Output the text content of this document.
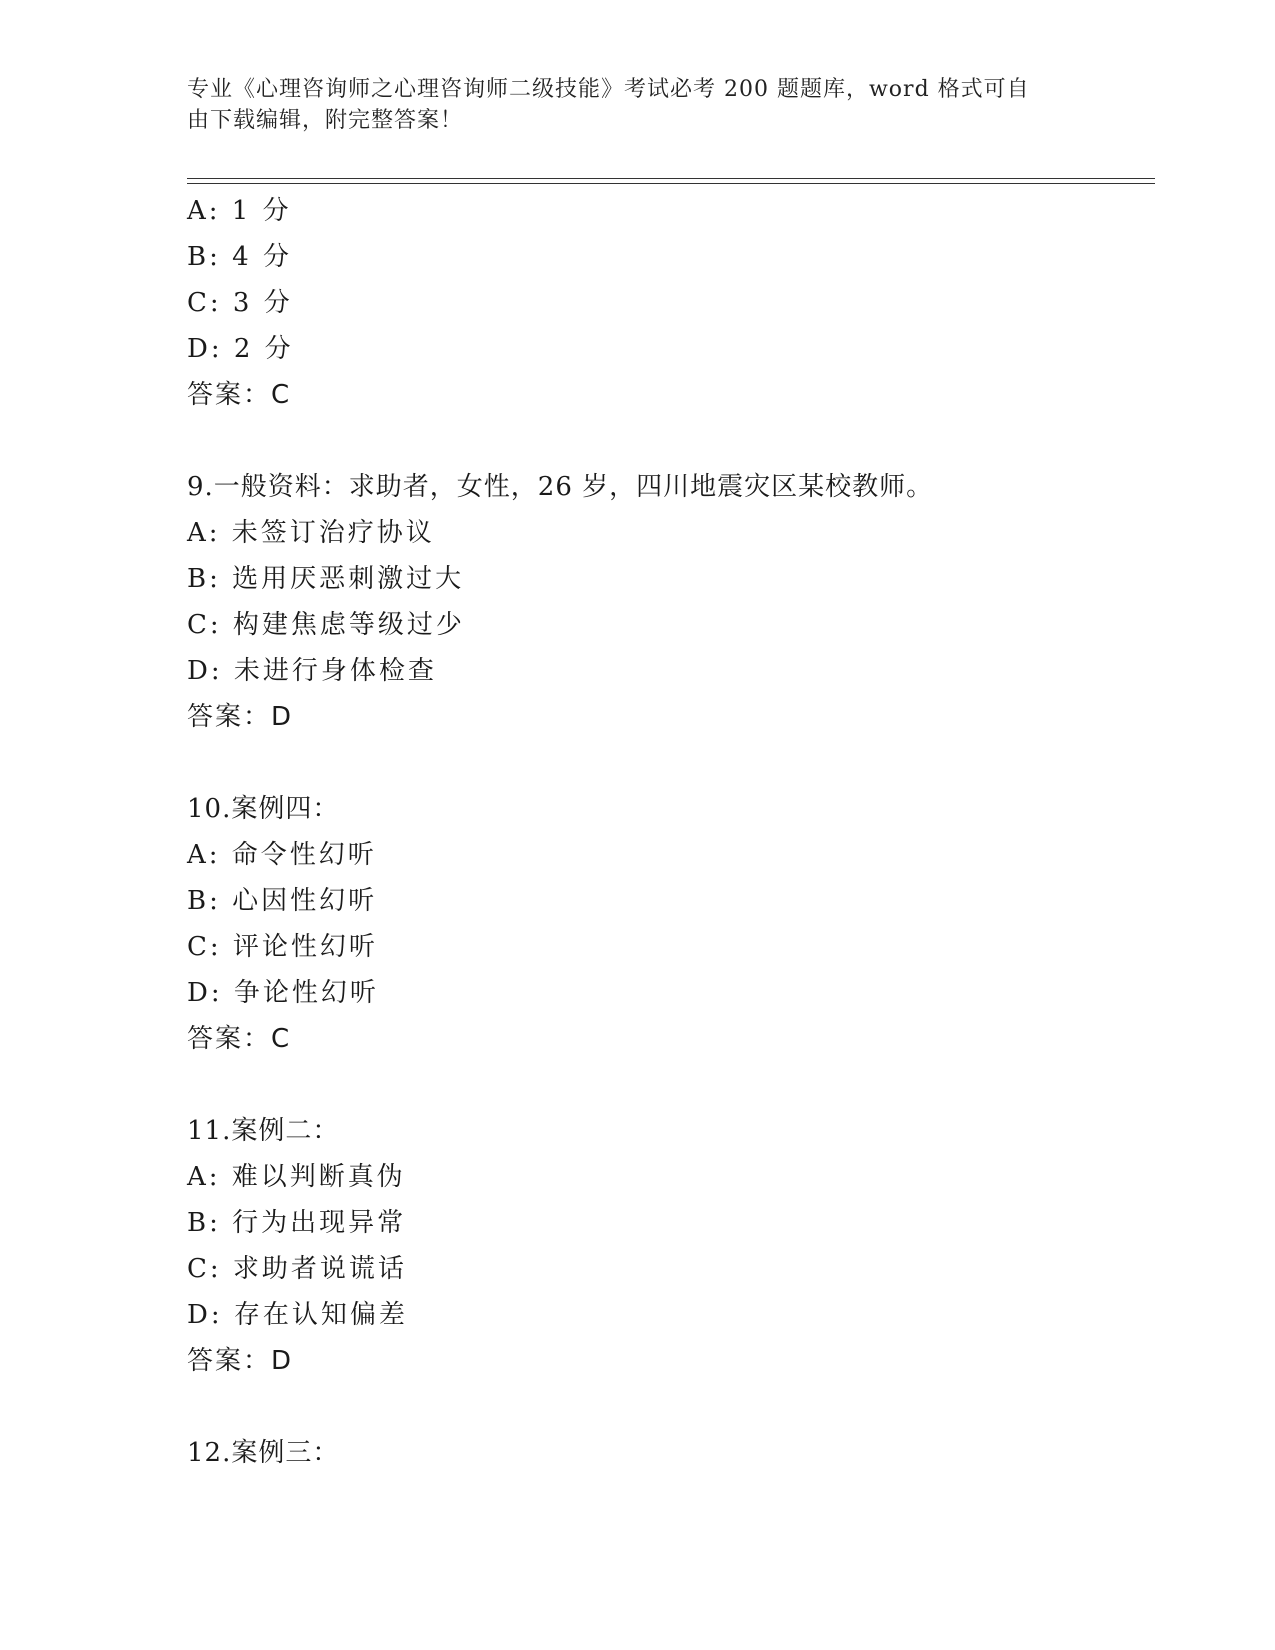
专业《心理咨询师之心理咨询师二级技能》考试必考 200 题题库，word 格式可自
由下载编辑，附完整答案！
A: 1 分
B: 4 分
C: 3 分
D: 2 分
答案：C
9.一般资料：求助者，女性，26 岁，四川地震灾区某校教师。
A: 未签订治疗协议
B: 选用厌恶刺激过大
C: 构建焦虑等级过少
D: 未进行身体检查
答案：D
10.案例四：
A: 命令性幻听
B: 心因性幻听
C: 评论性幻听
D: 争论性幻听
答案：C
11.案例二：
A: 难以判断真伪
B: 行为出现异常
C: 求助者说谎话
D: 存在认知偏差
答案：D
12.案例三：
